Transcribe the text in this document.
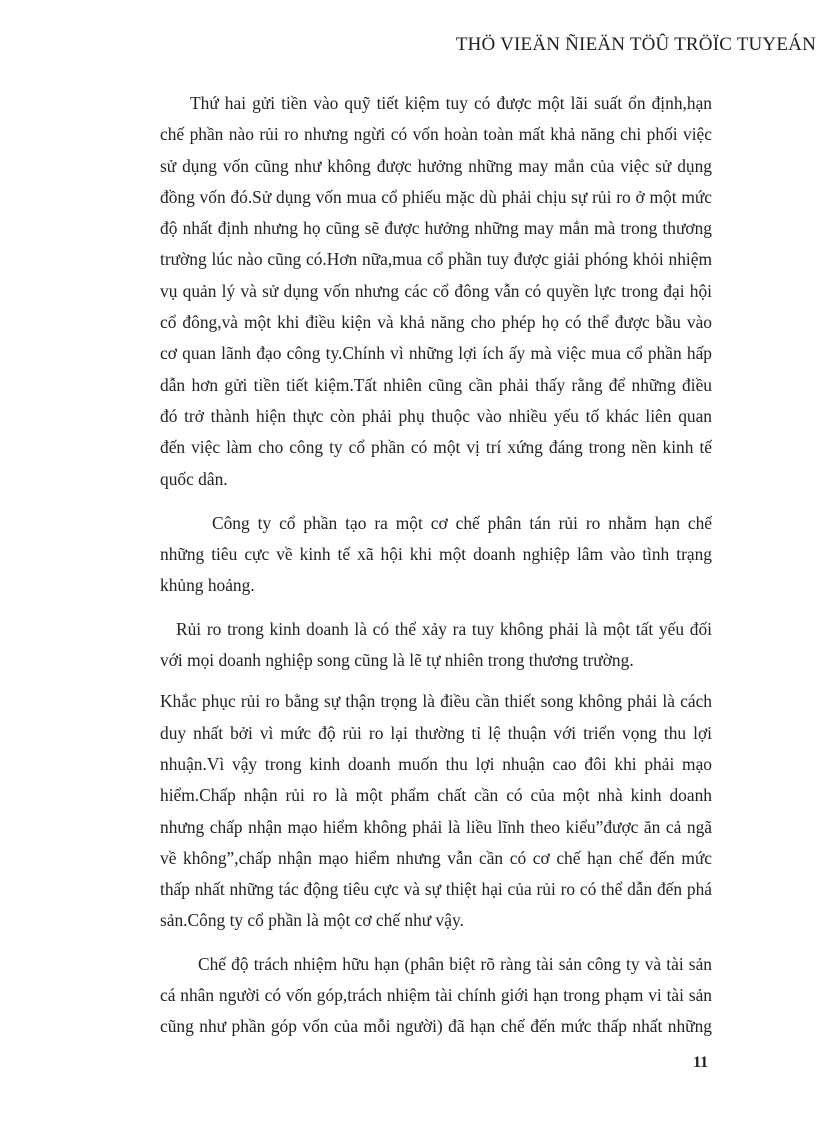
THÖ VIEÄN ÑIEÄN TÖÛ TRÖÏC TUYEÁN
Thứ hai gửi tiền vào quỹ tiết kiệm tuy có được một lãi suất ổn định,hạn
chế phần nào rủi ro nhưng ngừi có vốn hoàn toàn mất khả năng chi phối việc
sử dụng vốn cũng như không được hưởng những may mắn của việc sử dụng
đồng vốn đó.Sử dụng vốn mua cổ phiếu mặc dù phải chịu sự rủi ro ở một mức
độ nhất định nhưng họ cũng sẽ được hưởng những may mắn mà trong thương
trường lúc nào cũng có.Hơn nữa,mua cổ phần tuy được giải phóng khỏi nhiệm
vụ quản lý và sử dụng vốn nhưng các cổ đông vẫn có quyền lực trong đại hội
cổ đông,và một khi điều kiện và khả năng cho phép họ có thể được bầu vào
cơ quan lãnh đạo công ty.Chính vì những lợi ích ấy mà việc mua cổ phần hấp
dẫn hơn gửi tiền tiết kiệm.Tất nhiên cũng cần phải thấy rằng để những điều
đó trở thành hiện thực còn phải phụ thuộc vào nhiều yếu tố khác liên quan
đến việc làm cho công ty cổ phần có một vị trí xứng đáng trong nền kinh tế
quốc dân.
Công ty cổ phần tạo ra một cơ chế phân tán rủi ro nhằm hạn chế
những tiêu cực về kinh tế xã hội khi một doanh nghiệp lâm vào tình trạng
khủng hoảng.
Rủi ro trong kinh doanh là có thể xảy ra tuy không phải là một tất yếu đối
với mọi doanh nghiệp song cũng là lẽ tự nhiên trong thương trường.
Khắc phục rủi ro bằng sự thận trọng là điều cần thiết song không phải là cách
duy nhất bởi vì mức độ rủi ro lại thường tỉ lệ thuận với triển vọng thu lợi
nhuận.Vì vậy trong kinh doanh muốn thu lợi nhuận cao đôi khi phải mạo
hiểm.Chấp nhận rủi ro là một phẩm chất cần có của một nhà kinh doanh
nhưng chấp nhận mạo hiểm không phải là liều lĩnh theo kiểu”được ăn cả ngã
về không”,chấp nhận mạo hiểm nhưng vẫn cần có cơ chế hạn chế đến mức
thấp nhất những tác động tiêu cực và sự thiệt hại của rủi ro có thể dẫn đến phá
sản.Công ty cổ phần là một cơ chế như vậy.
Chế độ trách nhiệm hữu hạn (phân biệt rõ ràng tài sản công ty và tài sản
cá nhân người có vốn góp,trách nhiệm tài chính giới hạn trong phạm vi tài sản
cũng như phần góp vốn của mỗi người) đã hạn chế đến mức thấp nhất những
11
